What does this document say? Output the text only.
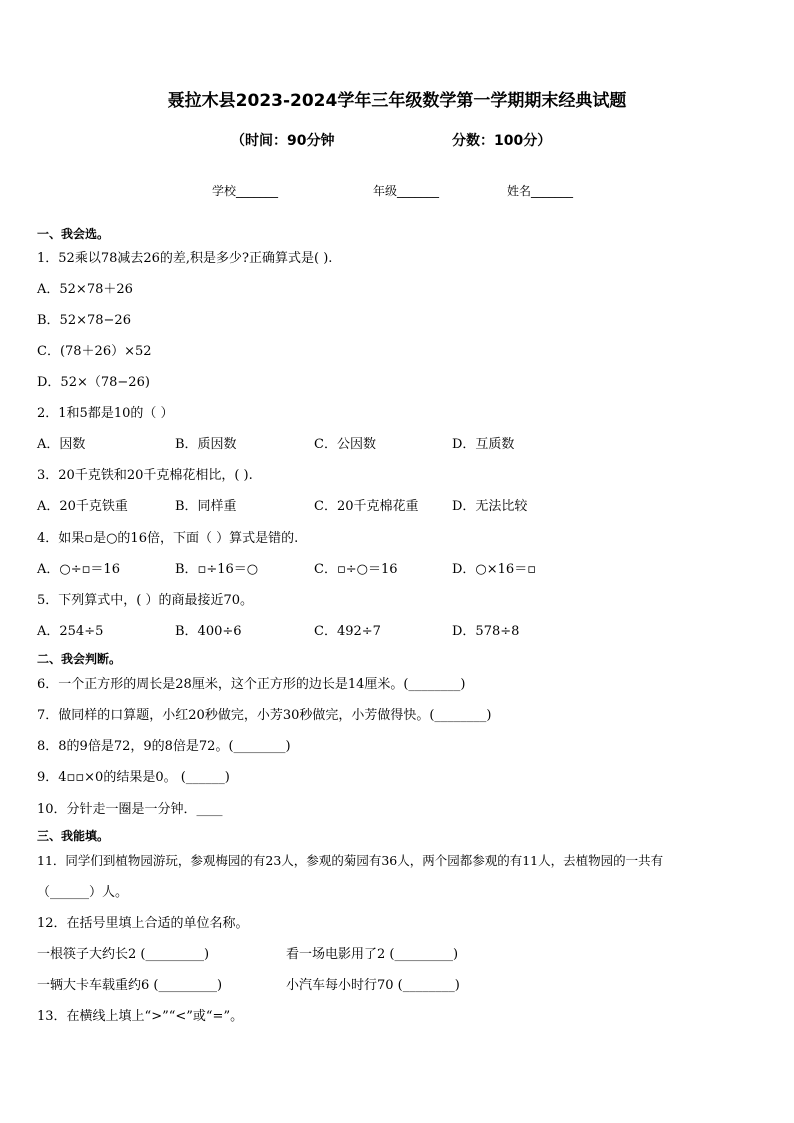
聂拉木县2023-2024学年三年级数学第一学期期末经典试题
（时间：90分钟	分数：100分）
学校_______	年级_______	姓名_______
一、我会选。
1．52乘以78减去26的差,积是多少?正确算式是( ).
A．52×78＋26
B．52×78−26
C．(78＋26）×52
D．52×（78−26)
2．1和5都是10的（ ）
A．因数	B．质因数	C．公因数	D．互质数
3．20千克铁和20千克棉花相比，( ).
A．20千克铁重	B．同样重	C．20千克棉花重	D．无法比较
4．如果▫是○的16倍，下面（ ）算式是错的.
A．○÷▫＝16	B．▫÷16＝○	C．▫÷○＝16	D．○×16＝▫
5．下列算式中，( ）的商最接近70。
A．254÷5	B．400÷6	C．492÷7	D．578÷8
二、我会判断。
6．一个正方形的周长是28厘米，这个正方形的边长是14厘米。(________)
7．做同样的口算题，小红20秒做完，小芳30秒做完，小芳做得快。(________)
8．8的9倍是72，9的8倍是72。(________)
9．4▫▫×0的结果是0。 (______)
10．分针走一圈是一分钟．____
三、我能填。
11．同学们到植物园游玩，参观梅园的有23人，参观的菊园有36人，两个园都参观的有11人，去植物园的一共有
（______）人。
12．在括号里填上合适的单位名称。
一根筷子大约长2 (_________)	看一场电影用了2 (_________)
一辆大卡车载重约6 (_________)	小汽车每小时行70 (________)
13．在横线上填上“>”“<”或“=”。
